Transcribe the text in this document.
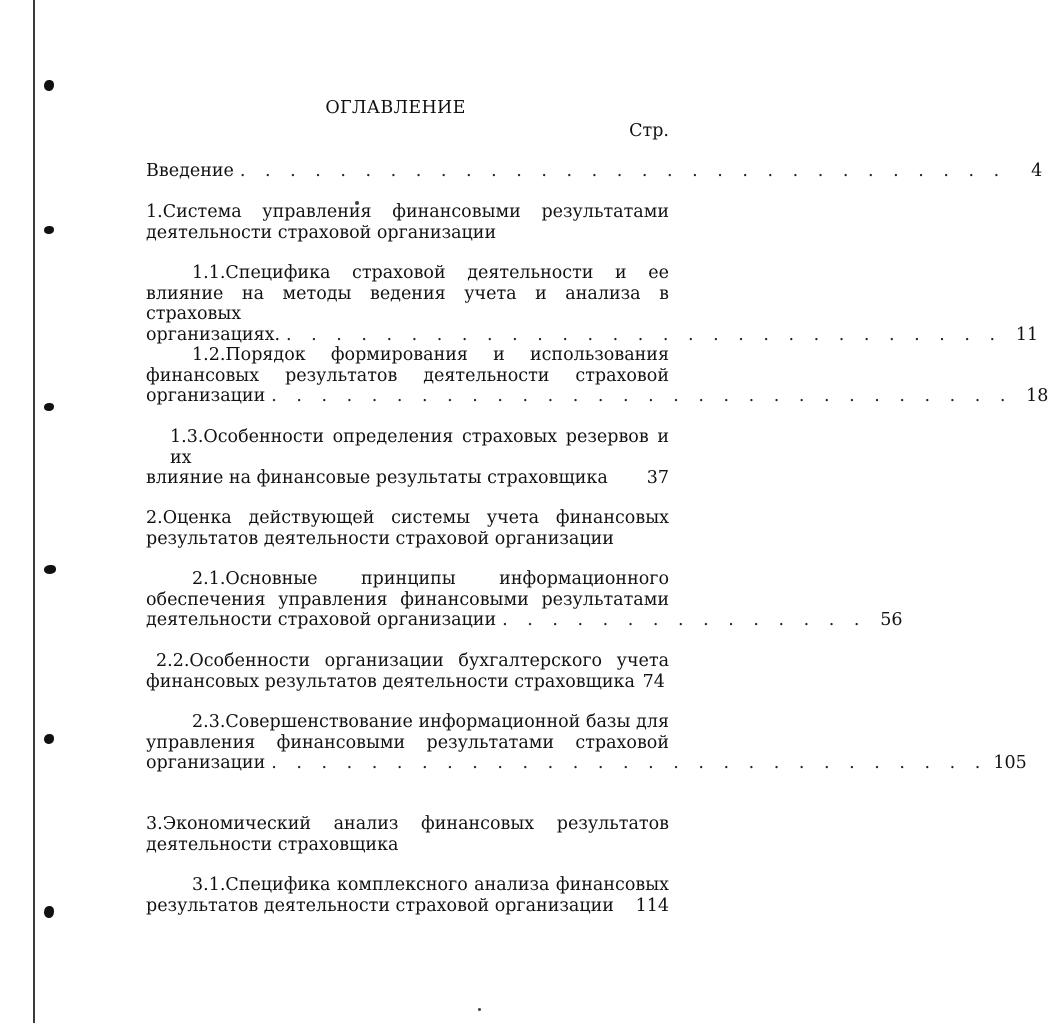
ОГЛАВЛЕНИЕ
Стр.
Введение . . . . . . . . . . . . . . . . . . . . . . . . . . . . . . .	4
1.Система управления финансовыми результатами
деятельности страховой организации
1.1.Специфика страховой деятельности и ее
влияние на методы ведения учета и анализа в страховых
организациях. . . . . . . . . . . . . . . . . . . . . . . . . . . . . . 11
1.2.Порядок формирования и использования
финансовых результатов деятельности страховой
организации . . . . . . . . . . . . . . . . . . . . . . . . . . . . . . 18
1.3.Особенности определения страховых резервов и их
влияние на финансовые результаты страховщика	37
2.Оценка действующей системы учета финансовых
результатов деятельности страховой организации
2.1.Основные принципы информационного
обеспечения управления финансовыми результатами
деятельности страховой организации . . . . . . . . . . . . . . . 56
2.2.Особенности организации бухгалтерского учета
финансовых результатов деятельности страховщика 74
2.3.Совершенствование информационной базы для
управления финансовыми результатами страховой
организации . . . . . . . . . . . . . . . . . . . . . . . . . . . . . 105
3.Экономический анализ финансовых результатов
деятельности страховщика
3.1.Специфика комплексного анализа финансовых
результатов деятельности страховой организации 114
